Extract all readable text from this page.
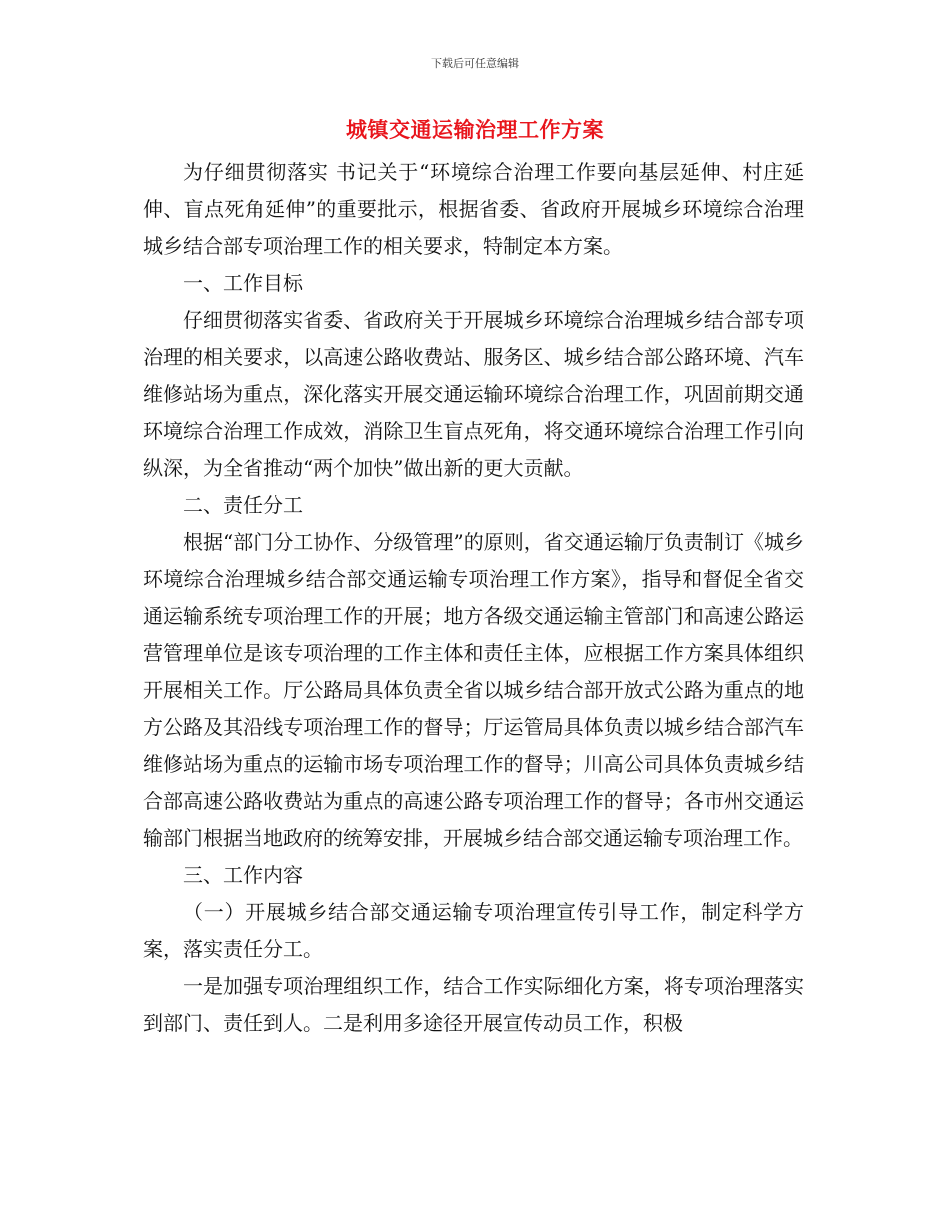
下载后可任意编辑
城镇交通运输治理工作方案

为仔细贯彻落实 书记关于“环境综合治理工作要向基层延伸、村庄延伸、盲点死角延伸”的重要批示，根据省委、省政府开展城乡环境综合治理城乡结合部专项治理工作的相关要求，特制定本方案。

一、工作目标

仔细贯彻落实省委、省政府关于开展城乡环境综合治理城乡结合部专项治理的相关要求，以高速公路收费站、服务区、城乡结合部公路环境、汽车维修站场为重点，深化落实开展交通运输环境综合治理工作，巩固前期交通环境综合治理工作成效，消除卫生盲点死角，将交通环境综合治理工作引向纵深，为全省推动“两个加快”做出新的更大贡献。

二、责任分工

根据“部门分工协作、分级管理”的原则，省交通运输厅负责制订《城乡环境综合治理城乡结合部交通运输专项治理工作方案》，指导和督促全省交通运输系统专项治理工作的开展；地方各级交通运输主管部门和高速公路运营管理单位是该专项治理的工作主体和责任主体，应根据工作方案具体组织开展相关工作。厅公路局具体负责全省以城乡结合部开放式公路为重点的地方公路及其沿线专项治理工作的督导；厅运管局具体负责以城乡结合部汽车维修站场为重点的运输市场专项治理工作的督导；川高公司具体负责城乡结合部高速公路收费站为重点的高速公路专项治理工作的督导；各市州交通运输部门根据当地政府的统筹安排，开展城乡结合部交通运输专项治理工作。

三、工作内容

（一）开展城乡结合部交通运输专项治理宣传引导工作，制定科学方案，落实责任分工。

一是加强专项治理组织工作，结合工作实际细化方案，将专项治理落实到部门、责任到人。二是利用多途径开展宣传动员工作，积极
